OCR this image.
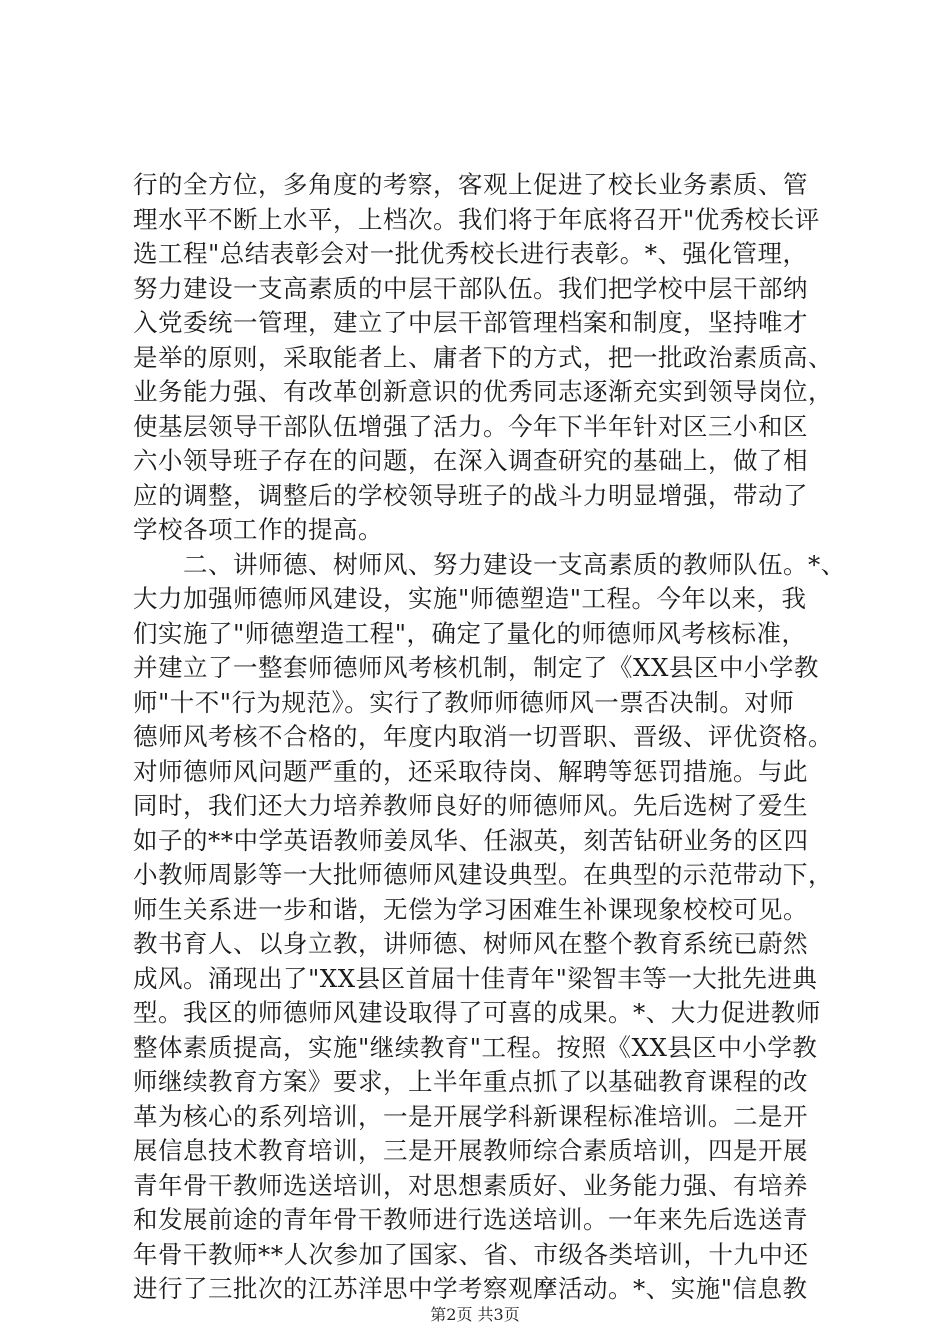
行的全方位，多角度的考察，客观上促进了校长业务素质、管
理水平不断上水平，上档次。我们将于年底将召开"优秀校长评
选工程"总结表彰会对一批优秀校长进行表彰。*、强化管理，
努力建设一支高素质的中层干部队伍。我们把学校中层干部纳
入党委统一管理，建立了中层干部管理档案和制度，坚持唯才
是举的原则，采取能者上、庸者下的方式，把一批政治素质高、
业务能力强、有改革创新意识的优秀同志逐渐充实到领导岗位，
使基层领导干部队伍增强了活力。今年下半年针对区三小和区
六小领导班子存在的问题，在深入调查研究的基础上，做了相
应的调整，调整后的学校领导班子的战斗力明显增强，带动了
学校各项工作的提高。
　　二、讲师德、树师风、努力建设一支高素质的教师队伍。*、
大力加强师德师风建设，实施"师德塑造"工程。今年以来，我
们实施了"师德塑造工程"，确定了量化的师德师风考核标准，
并建立了一整套师德师风考核机制，制定了《XX县区中小学教
师"十不"行为规范》。实行了教师师德师风一票否决制。对师
德师风考核不合格的，年度内取消一切晋职、晋级、评优资格。
对师德师风问题严重的，还采取待岗、解聘等惩罚措施。与此
同时，我们还大力培养教师良好的师德师风。先后选树了爱生
如子的**中学英语教师姜凤华、任淑英，刻苦钻研业务的区四
小教师周影等一大批师德师风建设典型。在典型的示范带动下，
师生关系进一步和谐，无偿为学习困难生补课现象校校可见。
教书育人、以身立教，讲师德、树师风在整个教育系统已蔚然
成风。涌现出了"XX县区首届十佳青年"梁智丰等一大批先进典
型。我区的师德师风建设取得了可喜的成果。*、大力促进教师
整体素质提高，实施"继续教育"工程。按照《XX县区中小学教
师继续教育方案》要求，上半年重点抓了以基础教育课程的改
革为核心的系列培训，一是开展学科新课程标准培训。二是开
展信息技术教育培训，三是开展教师综合素质培训，四是开展
青年骨干教师选送培训，对思想素质好、业务能力强、有培养
和发展前途的青年骨干教师进行选送培训。一年来先后选送青
年骨干教师**人次参加了国家、省、市级各类培训，十九中还
进行了三批次的江苏洋思中学考察观摩活动。*、实施"信息教
第2页 共3页
